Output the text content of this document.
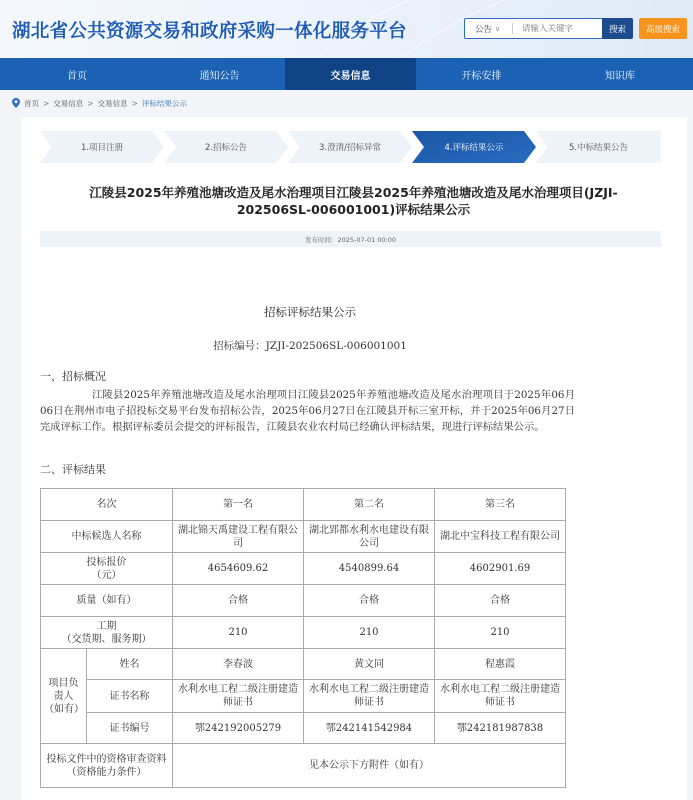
湖北省公共资源交易和政府采购一体化服务平台	公告 ∨
请输入关键字	搜索	高级搜索
首页	通知公告	交易信息	开标安排	知识库
首页 > 交易信息 > 交易信息 > 评标结果公示
1.项目注册	2.招标公告	3.澄清/招标异常	4.评标结果公示	5.中标结果公告
江陵县2025年养殖池塘改造及尾水治理项目江陵县2025年养殖池塘改造及尾水治理项目(JZJI-
202506SL-006001001)评标结果公示
发布时间：2025-07-01 00:00
招标评标结果公示
招标编号：JZJI-202506SL-006001001
一、招标概况
江陵县2025年养殖池塘改造及尾水治理项目江陵县2025年养殖池塘改造及尾水治理项目于2025年06月06日在荆州市电子招投标交易平台发布招标公告，2025年06月27日在江陵县开标三室开标，并于2025年06月27日完成评标工作。根据评标委员会提交的评标报告，江陵县农业农村局已经确认评标结果，现进行评标结果公示。
二、评标结果
名次		第一名	第二名	第三名
中标候选人名称		湖北锦天禹建设工程有限公司	湖北郢都水利水电建设有限公司	湖北中宝科技工程有限公司

投标报价
（元）		4654609.62	4540899.64	4602901.69
质量（如有）		合格	合格	合格

工期
（交货期、服务期）		210	210	210
项目负责人（如有）	姓名	李春波	黄文同	程惠霞
	证书名称	水利水电工程二级注册建造师证书	水利水电工程二级注册建造师证书	水利水电工程二级注册建造师证书
	证书编号	鄂242192005279	鄂242141542984	鄂242181987838
投标文件中的资格审查资料（资格能力条件）		见本公示下方附件（如有）		
